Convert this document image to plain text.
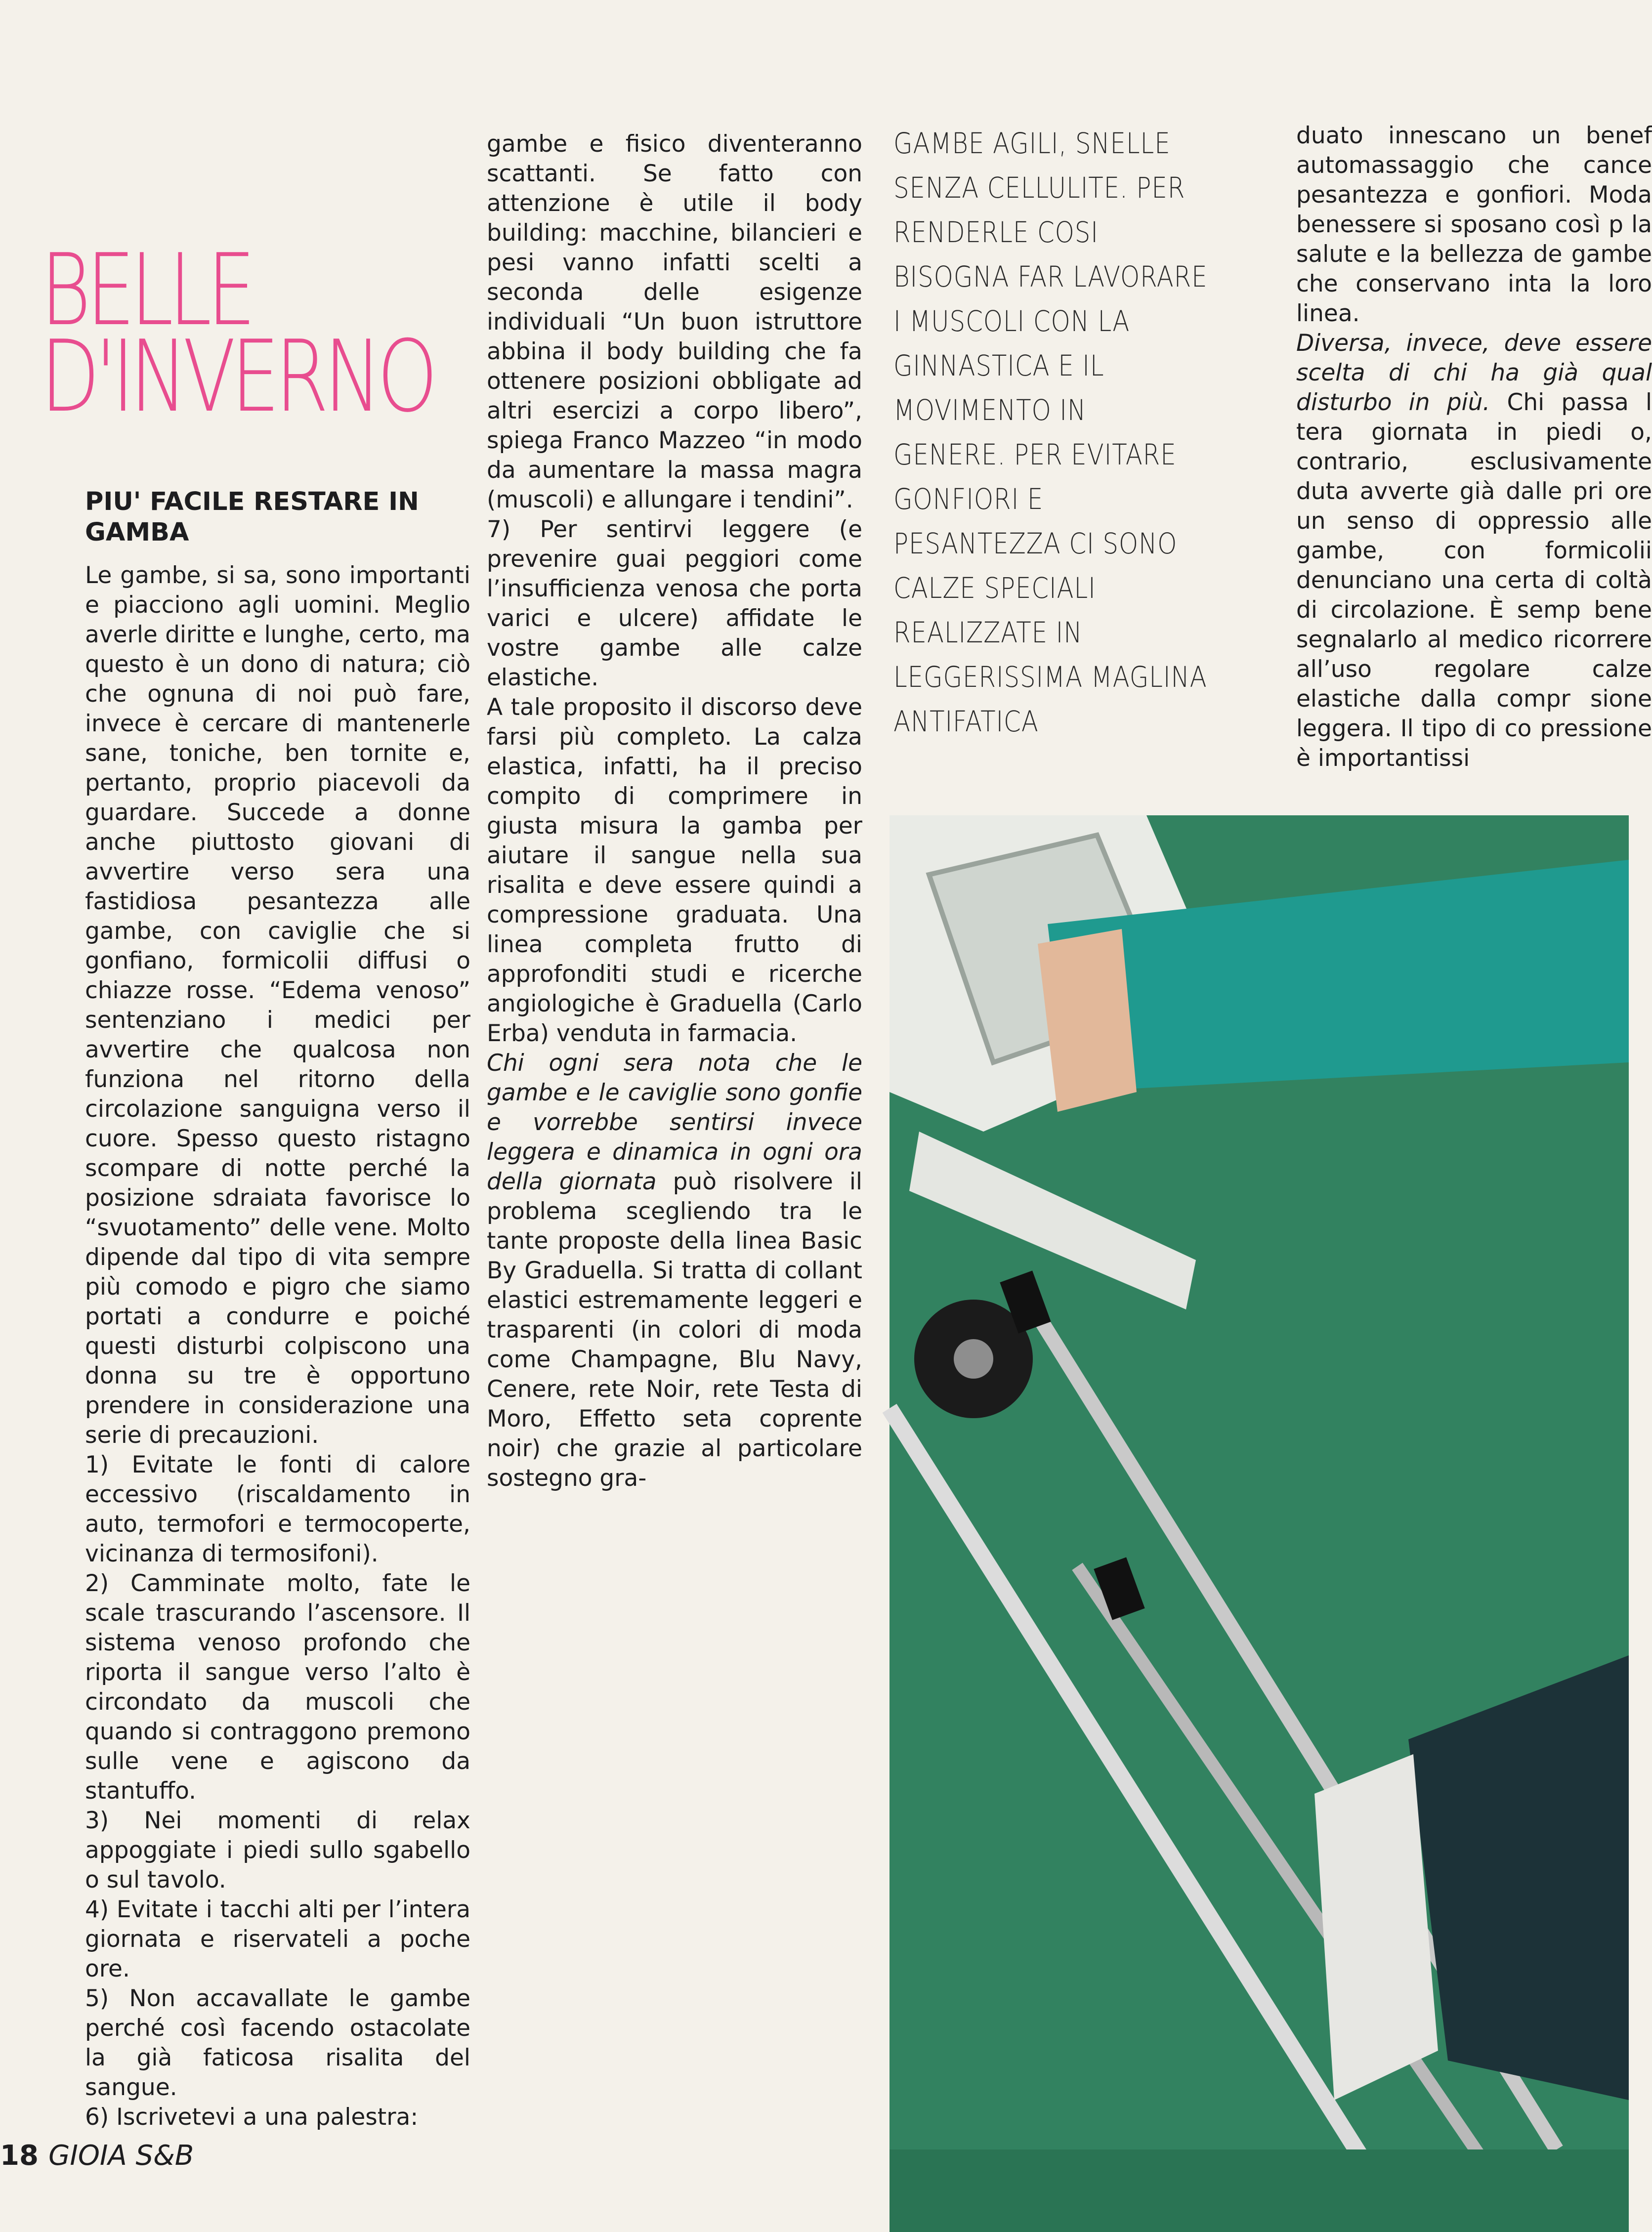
BELLE
D'INVERNO
PIU' FACILE RESTARE IN GAMBA

Le gambe, si sa, sono importanti e piacciono agli uomini. Meglio averle diritte e lunghe, certo, ma questo è un dono di natura; ciò che ognuna di noi può fare, invece è cercare di mantenerle sane, toniche, ben tornite e, pertanto, proprio piacevoli da guardare. Succede a donne anche piuttosto giovani di avvertire verso sera una fastidiosa pesantezza alle gambe, con caviglie che si gonfiano, formicolii diffusi o chiazze rosse. “Edema venoso” sentenziano i medici per avvertire che qualcosa non funziona nel ritorno della circolazione sanguigna verso il cuore. Spesso questo ristagno scompare di notte perché la posizione sdraiata favorisce lo “svuotamento” delle vene. Molto dipende dal tipo di vita sempre più comodo e pigro che siamo portati a condurre e poiché questi disturbi colpiscono una donna su tre è opportuno prendere in considerazione una serie di precauzioni.

1) Evitate le fonti di calore eccessivo (riscaldamento in auto, termofori e termocoperte, vicinanza di termosifoni).

2) Camminate molto, fate le scale trascurando l’ascensore. Il sistema venoso profondo che riporta il sangue verso l’alto è circondato da muscoli che quando si contraggono premono sulle vene e agiscono da stantuffo.

3) Nei momenti di relax appoggiate i piedi sullo sgabello o sul tavolo.

4) Evitate i tacchi alti per l’intera giornata e riservateli a poche ore.

5) Non accavallate le gambe perché così facendo ostacolate la già faticosa risalita del sangue.

6) Iscrivetevi a una palestra:

gambe e fisico diventeranno scattanti. Se fatto con attenzione è utile il body building: macchine, bilancieri e pesi vanno infatti scelti a seconda delle esigenze individuali “Un buon istruttore abbina il body building che fa ottenere posizioni obbligate ad altri esercizi a corpo libero”, spiega Franco Mazzeo “in modo da aumentare la massa magra (muscoli) e allungare i tendini”.

7) Per sentirvi leggere (e prevenire guai peggiori come l’insufficienza venosa che porta varici e ulcere) affidate le vostre gambe alle calze elastiche.

A tale proposito il discorso deve farsi più completo. La calza elastica, infatti, ha il preciso compito di comprimere in giusta misura la gamba per aiutare il sangue nella sua risalita e deve essere quindi a compressione graduata. Una linea completa frutto di approfonditi studi e ricerche angiologiche è Graduella (Carlo Erba) venduta in farmacia.

Chi ogni sera nota che le gambe e le caviglie sono gonfie e vorrebbe sentirsi invece leggera e dinamica in ogni ora della giornata può risolvere il problema scegliendo tra le tante proposte della linea Basic By Graduella. Si tratta di collant elastici estremamente leggeri e trasparenti (in colori di moda come Champagne, Blu Navy, Cenere, rete Noir, rete Testa di Moro, Effetto seta coprente noir) che grazie al particolare sostegno gra-

GAMBE AGILI, SNELLE
SENZA CELLULITE. PER
RENDERLE COSI
BISOGNA FAR LAVORARE
I MUSCOLI CON LA
GINNASTICA E IL
MOVIMENTO IN
GENERE. PER EVITARE
GONFIORI E
PESANTEZZA CI SONO
CALZE SPECIALI
REALIZZATE IN
LEGGERISSIMA MAGLINA
ANTIFATICA

duato innescano un benef automassaggio che cance pesantezza e gonfiori. Moda benessere si sposano così p la salute e la bellezza de gambe che conservano inta la loro linea.

Diversa, invece, deve essere scelta di chi ha già qual disturbo in più. Chi passa l tera giornata in piedi o, contrario, esclusivamente duta avverte già dalle pri ore un senso di oppressio alle gambe, con formicolii denunciano una certa di coltà di circolazione. È semp bene segnalarlo al medico ricorrere all’uso regolare calze elastiche dalla compr sione leggera. Il tipo di co pressione è importantissi

18 GIOIA S&B
